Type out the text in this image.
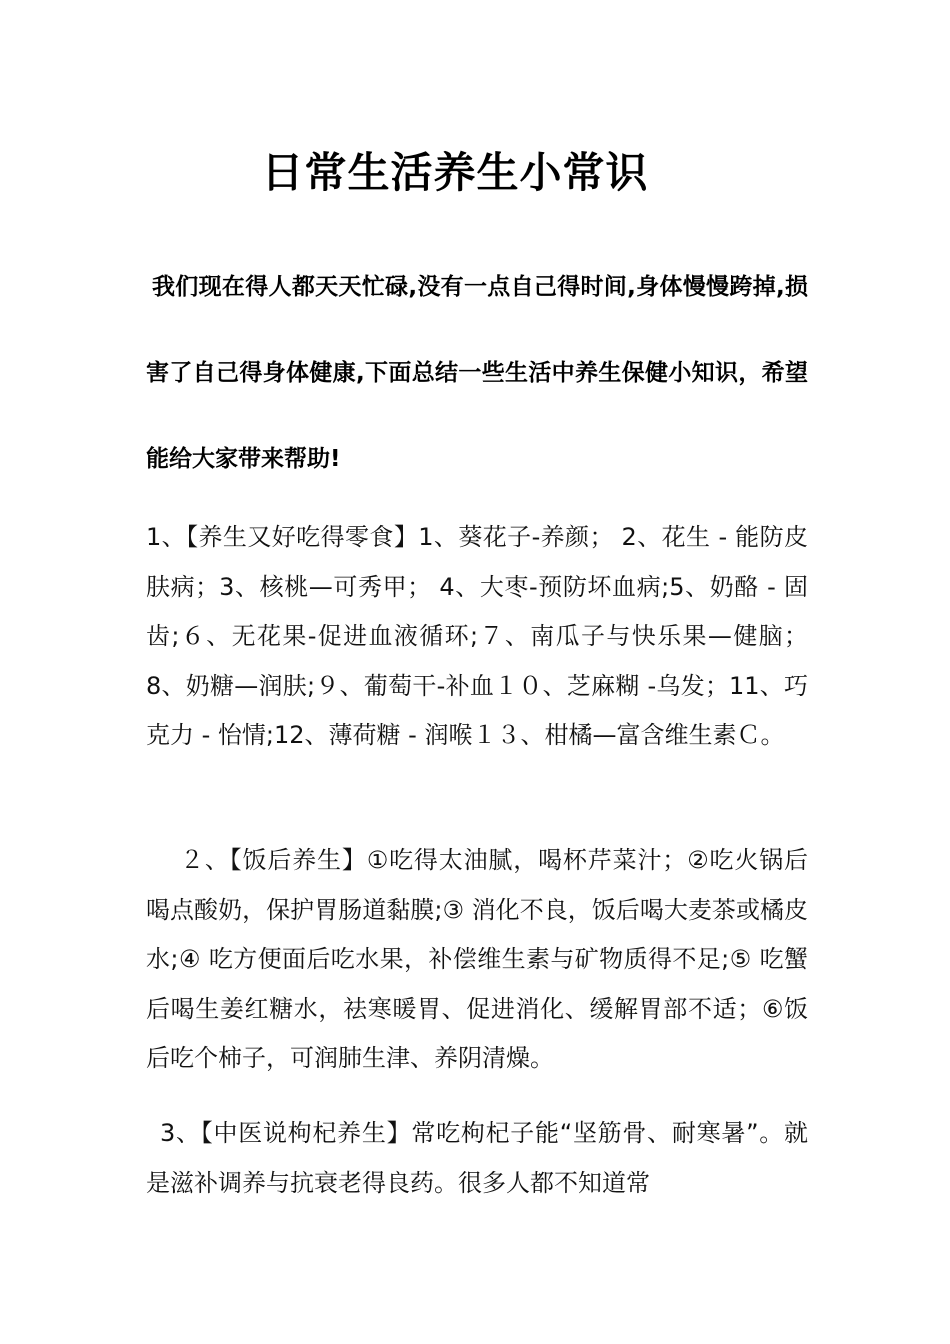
日常生活养生小常识
我们现在得人都天天忙碌,没有一点自己得时间,身体慢慢跨掉,损害了自己得身体健康,下面总结一些生活中养生保健小知识，希望能给大家带来帮助!
1、【养生又好吃得零食】1、葵花子-养颜； 2、花生 - 能防皮肤病；3、核桃—可秀甲； 4、大枣-预防坏血病;5、奶酪 - 固齿;６、无花果-促﻿进血液循环;７、南瓜子与快乐果—健脑；8、奶糖—润肤;９、葡萄干-补血１０、芝麻糊 -乌发；11、巧克力 - 怡情;12、薄荷糖 - 润喉１３、柑橘—富含﻿维生素Ｃ。
２、【饭后养生】①吃得太油腻，喝杯芹菜汁；②吃火锅后喝点酸奶，保护胃肠道黏膜;③ 消化不良，饭后喝大麦茶或橘皮水;④ 吃方便面后吃水果，补偿维生素与矿物质得不足;⑤ 吃蟹后喝生姜红糖水，祛寒暖胃、促进消化、缓解胃部不适；⑥饭后吃个柿子，可润肺生津、养阴清燥。
3、【中医说枸杞养生】常吃枸杞子能“坚筋骨、耐寒暑”。就是滋补调养与抗衰老得良药。很多人都不知道常
